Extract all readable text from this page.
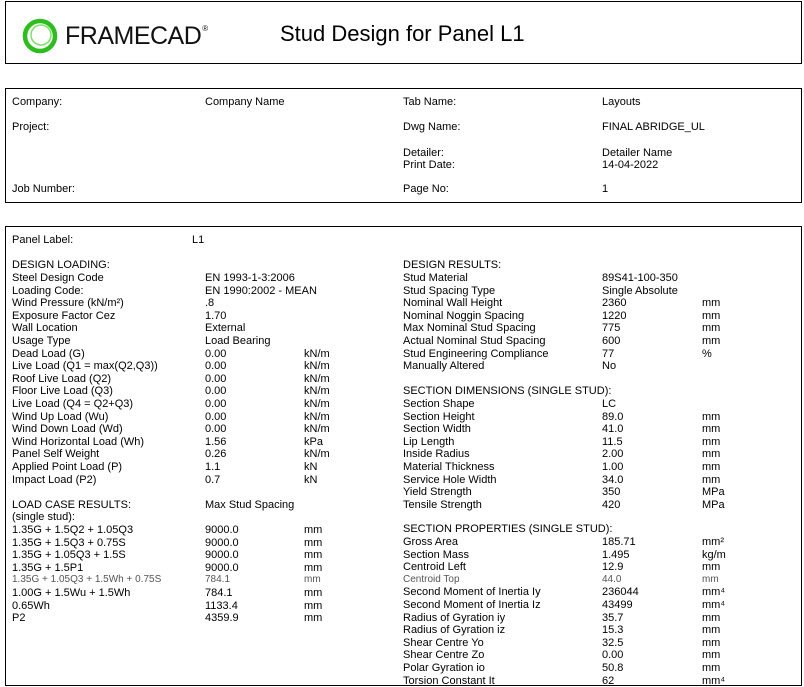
FRAMECAD®	Stud Design for Panel L1
Company:	Company Name
Project:
Job Number:
Tab Name:	Layouts
Dwg Name:	FINAL ABRIDGE_UL
Detailer:	Detailer Name
Print Date:	14-04-2022
Page No:	1
Panel Label:	L1
DESIGN LOADING:
Steel Design Code	EN 1993-1-3:2006
Loading Code:	EN 1990:2002 - MEAN
Wind Pressure (kN/m²)	.8
Exposure Factor Cez	1.70
Wall Location	External
Usage Type	Load Bearing
Dead Load (G)	0.00	kN/m
Live Load (Q1 = max(Q2,Q3))	0.00	kN/m
Roof Live Load (Q2)	0.00	kN/m
Floor Live Load (Q3)	0.00	kN/m
Live Load (Q4 = Q2+Q3)	0.00	kN/m
Wind Up Load (Wu)	0.00	kN/m
Wind Down Load (Wd)	0.00	kN/m
Wind Horizontal Load (Wh)	1.56	kPa
Panel Self Weight	0.26	kN/m
Applied Point Load (P)	1.1	kN
Impact Load (P2)	0.7	kN
LOAD CASE RESULTS:	Max Stud Spacing
(single stud):
1.35G + 1.5Q2 + 1.05Q3	9000.0	mm
1.35G + 1.5Q3 + 0.75S	9000.0	mm
1.35G + 1.05Q3 + 1.5S	9000.0	mm
1.35G + 1.5P1	9000.0	mm
1.35G + 1.05Q3 + 1.5Wh + 0.75S	784.1	mm
1.00G + 1.5Wu + 1.5Wh	784.1	mm
0.65Wh	1133.4	mm
P2	4359.9	mm
DESIGN RESULTS:
Stud Material	89S41-100-350
Stud Spacing Type	Single Absolute
Nominal Wall Height	2360	mm
Nominal Noggin Spacing	1220	mm
Max Nominal Stud Spacing	775	mm
Actual Nominal Stud Spacing	600	mm
Stud Engineering Compliance	77	%
Manually Altered	No
SECTION DIMENSIONS (SINGLE STUD):
Section Shape	LC
Section Height	89.0	mm
Section Width	41.0	mm
Lip Length	11.5	mm
Inside Radius	2.00	mm
Material Thickness	1.00	mm
Service Hole Width	34.0	mm
Yield Strength	350	MPa
Tensile Strength	420	MPa
SECTION PROPERTIES (SINGLE STUD):
Gross Area	185.71	mm²
Section Mass	1.495	kg/m
Centroid Left	12.9	mm
Centroid Top	44.0	mm
Second Moment of Inertia Iy	236044	mm⁴
Second Moment of Inertia Iz	43499	mm⁴
Radius of Gyration iy	35.7	mm
Radius of Gyration iz	15.3	mm
Shear Centre Yo	32.5	mm
Shear Centre Zo	0.00	mm
Polar Gyration io	50.8	mm
Torsion Constant It	62	mm⁴
